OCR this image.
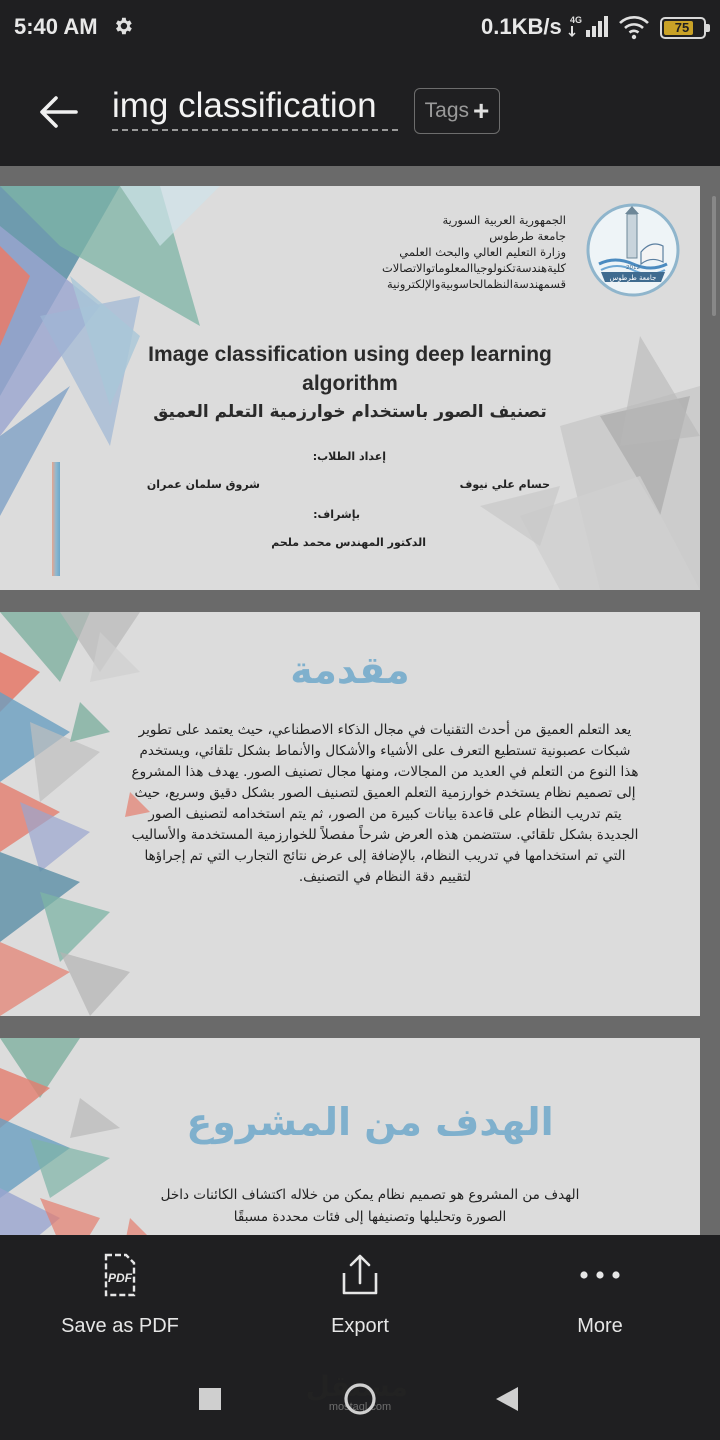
5:40 AM	0.1KB/s 4G	75
img classification	Tags +
الجمهورية العربية السورية
جامعة طرطوس
وزارة التعليم العالي والبحث العلمي
كليةهندسةتكنولوجياالمعلوماتوالاتصالات
قسمهندسةالنظمالحاسوبيةوالإلكترونية	جامعة طرطوس
2012
Image classification using deep learning algorithm
تصنيف الصور باستخدام خوارزمية التعلم العميق
إعداد الطلاب:
حسام علي نيوف
شروق سلمان عمران
بإشراف:
الدكتور المهندس محمد ملحم
مقدمة
يعد التعلم العميق من أحدث التقنيات في مجال الذكاء الاصطناعي، حيث يعتمد على تطوير شبكات عصبونية تستطيع التعرف على الأشياء والأشكال والأنماط بشكل تلقائي، ويستخدم هذا النوع من التعلم في العديد من المجالات، ومنها مجال تصنيف الصور. يهدف هذا المشروع إلى تصميم نظام يستخدم خوارزمية التعلم العميق لتصنيف الصور بشكل دقيق وسريع، حيث يتم تدريب النظام على قاعدة بيانات كبيرة من الصور، ثم يتم استخدامه لتصنيف الصور الجديدة بشكل تلقائي. ستتضمن هذه العرض شرحاً مفصلاً للخوارزمية المستخدمة والأساليب التي تم استخدامها في تدريب النظام، بالإضافة إلى عرض نتائج التجارب التي تم إجراؤها لتقييم دقة النظام في التصنيف.
الهدف من المشروع
الهدف من المشروع هو تصميم نظام يمكن من خلاله اكتشاف الكائنات داخل الصورة وتحليلها وتصنيفها إلى فئات محددة مسبقًا
PDF
Save as PDF	Export	More
مستقل
mostaql.com
